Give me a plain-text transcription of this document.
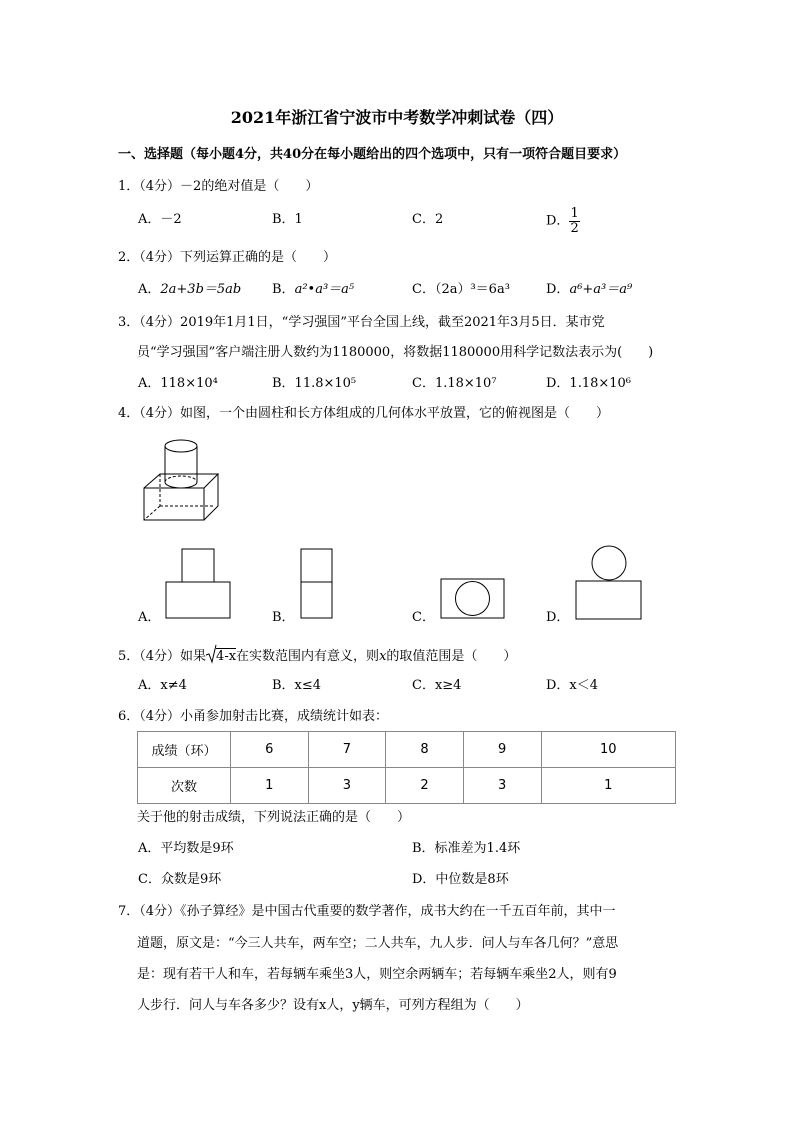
2021年浙江省宁波市中考数学冲刺试卷（四）
一、选择题（每小题4分，共40分在每小题给出的四个选项中，只有一项符合题目要求）
1．（4分）－2的绝对值是（　　）
A．－2	B．1	C．2	D． $\frac{1}{2}$
2．（4分）下列运算正确的是（　　）
A．2a+3b＝5ab B．a²•a³＝a⁵	C．（2a）³＝6a³	D．a⁶+a³＝a⁹
3．（4分）2019年1月1日，“学习强国”平台全国上线，截至2021年3月5日．某市党
员“学习强国”客户端注册人数约为1180000，将数据1180000用科学记数法表示为(　　)
A．118×10⁴	B．11.8×10⁵	C．1.18×10⁷	D．1.18×10⁶
4．（4分）如图，一个由圆柱和长方体组成的几何体水平放置，它的俯视图是（　　）
A．	B．	C．	D．
5．（4分）如果 4-x在实数范围内有意义，则x的取值范围是（　　）
A．x≠4	B．x≤4	C．x≥4	D．x＜4
6．（4分）小甬参加射击比赛，成绩统计如表：
成绩（环）	6	7	8	9	10
次数	1	3	2	3	1
关于他的射击成绩，下列说法正确的是（　　）
A．平均数是9环	B．标准差为1.4环
C．众数是9环	D．中位数是8环
7．（4分）《孙子算经》是中国古代重要的数学著作，成书大约在一千五百年前，其中一
道题，原文是：“今三人共车，两车空；二人共车，九人步．问人与车各几何？”意思
是：现有若干人和车，若每辆车乘坐3人，则空余两辆车；若每辆车乘坐2人，则有9
人步行．问人与车各多少？设有x人，y辆车，可列方程组为（　　）
